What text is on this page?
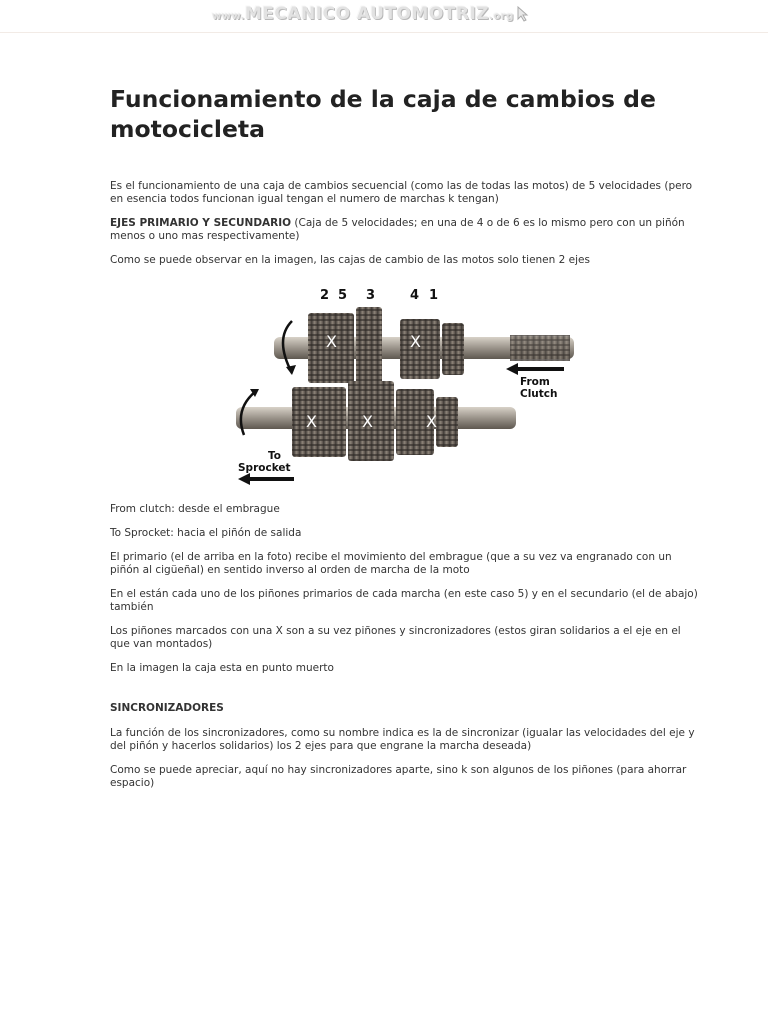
www.MECANICO AUTOMOTRIZ.org
Funcionamiento de la caja de cambios de motocicleta

Es el funcionamiento de una caja de cambios secuencial (como las de todas las motos) de 5 velocidades (pero en esencia todos funcionan igual tengan el numero de marchas k tengan)

EJES PRIMARIO Y SECUNDARIO (Caja de 5 velocidades; en una de 4 o de 6 es lo mismo pero con un piñón menos o uno mas respectivamente)

Como se puede observar en la imagen, las cajas de cambio de las motos solo tienen 2 ejes

2 5 3	4 1
X	X
X	X	X
From
Clutch
To
Sprocket

From clutch: desde el embrague

To Sprocket: hacia el piñón de salida

El primario (el de arriba en la foto) recibe el movimiento del embrague (que a su vez va engranado con un piñón al cigüeñal) en sentido inverso al orden de marcha de la moto

En el están cada uno de los piñones primarios de cada marcha (en este caso 5) y en el secundario (el de abajo) también

Los piñones marcados con una X son a su vez piñones y sincronizadores (estos giran solidarios a el eje en el que van montados)

En la imagen la caja esta en punto muerto

SINCRONIZADORES

La función de los sincronizadores, como su nombre indica es la de sincronizar (igualar las velocidades del eje y del piñón y hacerlos solidarios) los 2 ejes para que engrane la marcha deseada)

Como se puede apreciar, aquí no hay sincronizadores aparte, sino k son algunos de los piñones (para ahorrar espacio)
